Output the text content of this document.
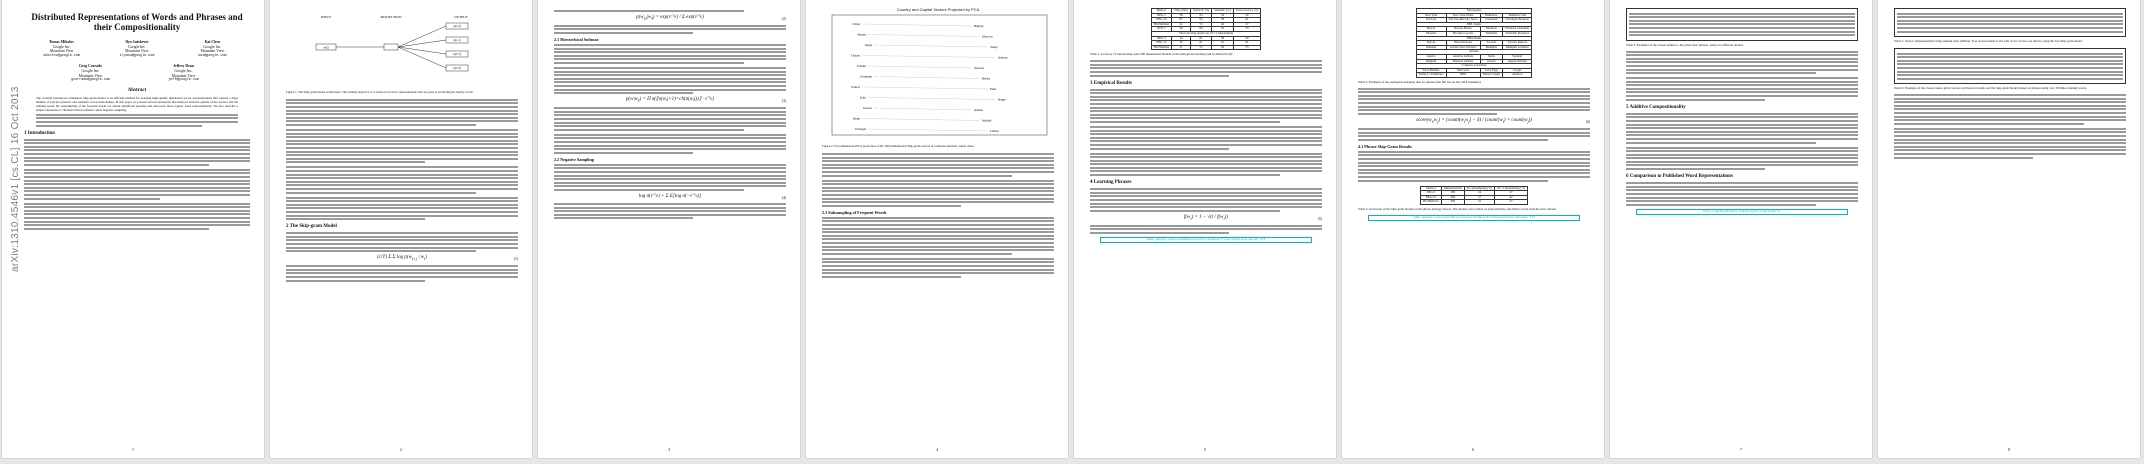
arXiv:1310.4546v1 [cs.CL] 16 Oct 2013
Distributed Representations of Words and Phrases and their Compositionality
Tomas Mikolov
Google Inc.
Mountain View
mikolov@google.com
Ilya Sutskever
Google Inc.
Mountain View
ilyasu@google.com
Kai Chen
Google Inc.
Mountain View
kai@google.com
Greg Corrado
Google Inc.
Mountain View
gcorrado@google.com
Jeffrey Dean
Google Inc.
Mountain View
jeff@google.com
Abstract
The recently introduced continuous Skip-gram model is an efficient method for learning high-quality distributed vector representations that capture a large number of precise syntactic and semantic word relationships. In this paper we present several extensions that improve both the quality of the vectors and the training speed. By subsampling of the frequent words we obtain significant speedup and also learn more regular word representations. We also describe a simple alternative to the hierarchical softmax called negative sampling.
1 Introduction
1
INPUT	PROJECTION	OUTPUT
w(t)
w(t-2)
w(t-1)
w(t+1)
w(t+2)
Figure 1: The Skip-gram model architecture. The training objective is to learn word vector representations that are good at predicting the nearby words.
2 The Skip-gram Model
(1/T) Σ Σ $\log p(w_{t+j}$ | $w_t$)	(1)
2
$p(w_O|w_I)$ = exp(v′ᵀv) / Σ exp(v′ᵀv)	(2)
2.1 Hierarchical Softmax
$p(w|w_I) = \Pi$ σ(⟦n(w,j+1)=ch(n(w,j))⟧ · v′ᵀv)	(3)
2.2 Negative Sampling
log σ(v′ᵀv) + Σ E[log σ(−v′ᵀv)]	(4)
3
Country and Capital Vectors Projected by PCA
China	Beijing
Russia	Moscow
Japan	Tokyo
Turkey	Ankara
Poland	Warsaw
Germany	Berlin
France	Paris
Italy	Rome
Greece	Athens
Spain	Madrid
Portugal	Lisbon
Figure 2: Two-dimensional PCA projection of the 1000-dimensional Skip-gram vectors of countries and their capital cities.
2.3 Subsampling of Frequent Words
4
Method	Time [min]	Syntactic [%]	Semantic [%]	Total accuracy [%]
NEG-5	38	63	54	59
NEG-15	97	63	58	61
HS-Huffman	41	53	40	47
NCE-5	38	60	45	53
The following results use 10^-5 subsampling				
NEG-5	14	61	58	60
NEG-15	36	61	61	61
HS-Huffman	21	52	59	55
Table 1: Accuracy of various Skip-gram 300-dimensional models on the analogical reasoning task as defined in [8].
3 Empirical Results
4 Learning Phrases
$f(w_i) = 1 - √(t / f(w_i))$	(5)
code.google.com/p/word2vec/source/browse/trunk/questions-words.txt
5
Newspapers			
New York	New York Times	Baltimore	Baltimore Sun
San Jose	San Jose Mercury News	Cincinnati	Cincinnati Enquirer
NHL Teams			
Boston	Boston Bruins	Montreal	Montreal Canadiens
Phoenix	Phoenix Coyotes	Nashville	Nashville Predators
NBA Teams			
Detroit	Detroit Pistons	Toronto	Toronto Raptors
Oakland	Golden State Warriors	Memphis	Memphis Grizzlies
Airlines			
Austria	Austrian Airlines	Spain	Spainair
Belgium	Brussels Airlines	Greece	Aegean Airlines
Company executives			
Steve Ballmer	Microsoft	Larry Page	Google
Samuel J. Palmisano	IBM	Werner Vogels	Amazon
Table 2: Examples of the analogical reasoning task for phrases (the full test set has 3218 examples).
$score(w_i,w_j)$ = $(count(w_iw_j) - \delta)$ / ($count(w_i)$ × $count(w_j)$)	(6)
4.1 Phrase Skip-Gram Results
Method	Dimensionality	No subsampling [%]	10^-5 subsampling [%]
NEG-5	300	24	27
NEG-15	300	27	42
HS-Huffman	300	19	47
Table 3: Accuracies of the Skip-gram models on the phrase analogy dataset. The models were trained on approximately one billion words from the news dataset.
code.google.com/p/word2vec/source/browse/trunk/questions-phrases.txt
6
Table 4: Examples of the closest entities to the given short phrases, using two different models.
5 Additive Compositionality
6 Comparison to Published Word Representations
http://metaoptimize.com/projects/wordreprs/
7
Table 5: Vector compositionality using element-wise addition. Four closest tokens to the sum of two vectors are shown, using the best Skip-gram model.
Table 6: Examples of the closest tokens given various well known models and the Skip-gram model trained on phrases using over 30 billion training words.
8
